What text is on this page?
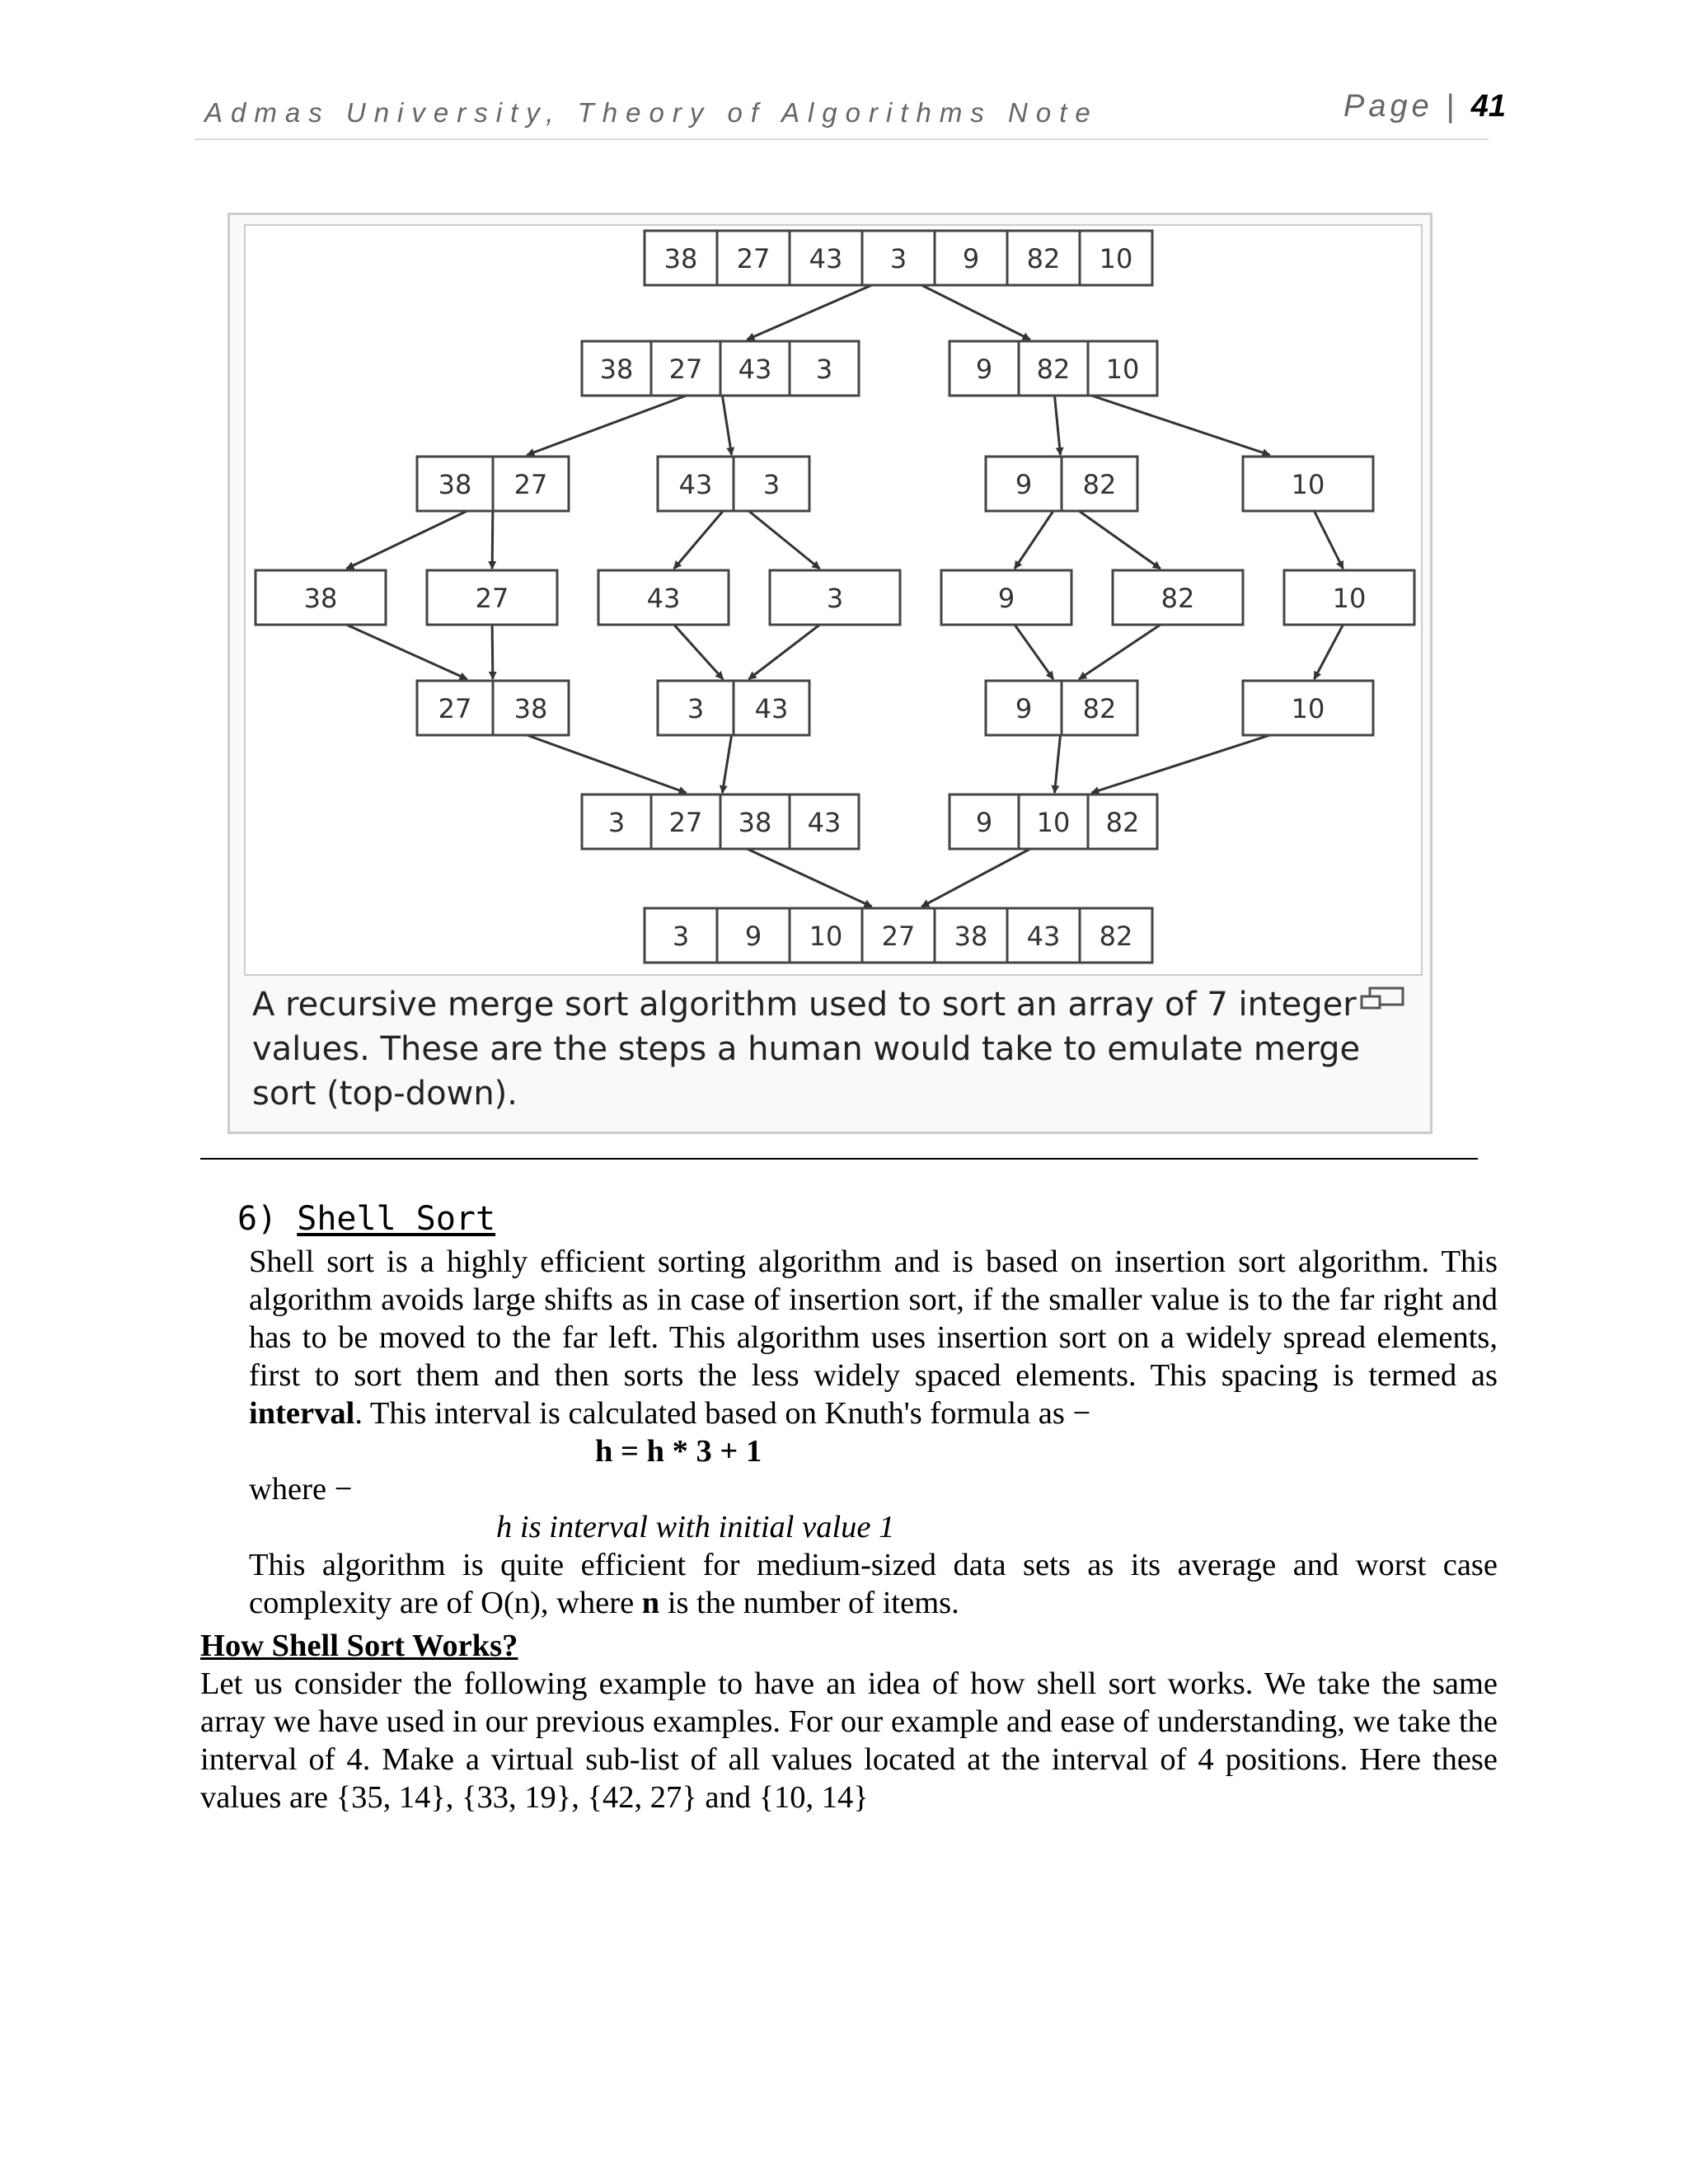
Admas University, Theory of Algorithms Note	Page | 41
38 27 43 3 9 82 10
38 27 43 3	9 82 10
38 27	43 3	9 82	10
38	27	43	3	9	82	10
27 38	3 43	9 82	10
3 27 38 43	9 10 82
3 9 10 27 38 43 82
A recursive merge sort algorithm used to sort an array of 7 integer values. These are the steps a human would take to emulate merge sort (top-down).
6) Shell Sort
Shell sort is a highly efficient sorting algorithm and is based on insertion sort algorithm. This algorithm avoids large shifts as in case of insertion sort, if the smaller value is to the far right and has to be moved to the far left. This algorithm uses insertion sort on a widely spread elements, first to sort them and then sorts the less widely spaced elements. This spacing is termed as interval. This interval is calculated based on Knuth's formula as −
h = h * 3 + 1
where −
h is interval with initial value 1
This algorithm is quite efficient for medium-sized data sets as its average and worst case complexity are of O(n), where n is the number of items.
How Shell Sort Works?
Let us consider the following example to have an idea of how shell sort works. We take the same array we have used in our previous examples. For our example and ease of understanding, we take the interval of 4. Make a virtual sub-list of all values located at the interval of 4 positions. Here these values are {35, 14}, {33, 19}, {42, 27} and {10, 14}
